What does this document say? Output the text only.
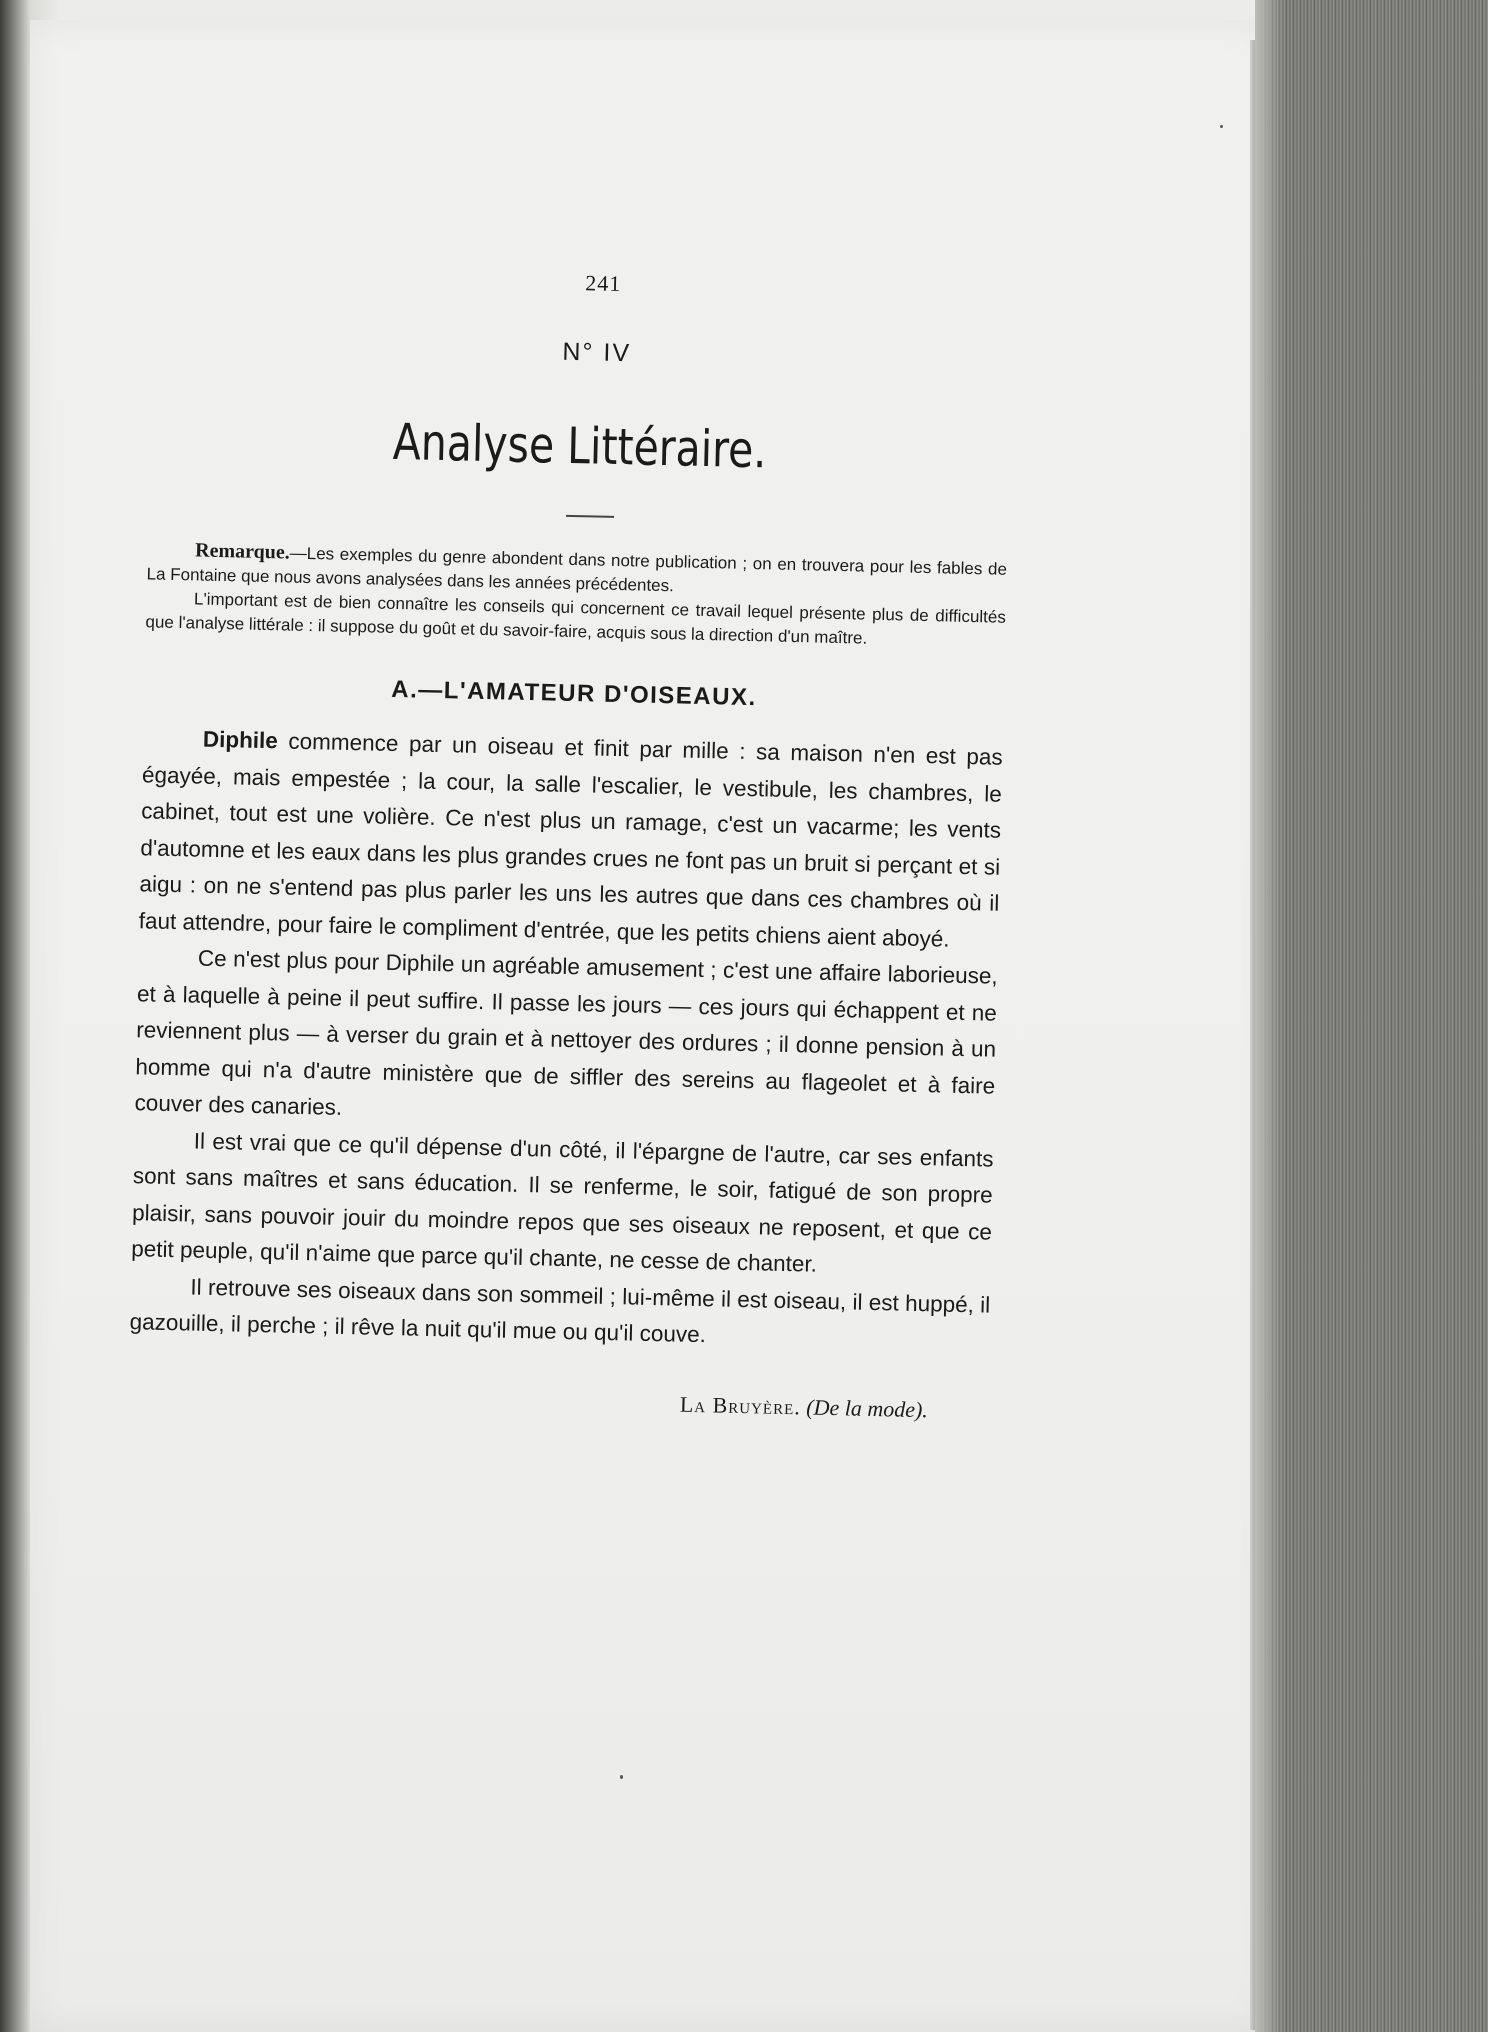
241
N° IV
Analyse Littéraire.

Remarque.—Les exemples du genre abondent dans notre publication ; on en trouvera pour les fables de La Fontaine que nous avons analysées dans les années précédentes.

L'important est de bien connaître les conseils qui concernent ce travail lequel présente plus de difficultés que l'analyse littérale : il suppose du goût et du savoir-faire, acquis sous la direction d'un maître.

A.—L'AMATEUR D'OISEAUX.

Diphile commence par un oiseau et finit par mille : sa maison n'en est pas égayée, mais empestée ; la cour, la salle l'escalier, le vestibule, les chambres, le cabinet, tout est une volière. Ce n'est plus un ramage, c'est un vacarme; les vents d'automne et les eaux dans les plus grandes crues ne font pas un bruit si perçant et si aigu : on ne s'entend pas plus parler les uns les autres que dans ces chambres où il faut attendre, pour faire le compliment d'entrée, que les petits chiens aient aboyé.

Ce n'est plus pour Diphile un agréable amusement ; c'est une affaire laborieuse, et à laquelle à peine il peut suffire. Il passe les jours — ces jours qui échappent et ne reviennent plus — à verser du grain et à nettoyer des ordures ; il donne pension à un homme qui n'a d'autre ministère que de siffler des sereins au flageolet et à faire couver des canaries.

Il est vrai que ce qu'il dépense d'un côté, il l'épargne de l'autre, car ses enfants sont sans maîtres et sans éducation. Il se renferme, le soir, fatigué de son propre plaisir, sans pouvoir jouir du moindre repos que ses oiseaux ne reposent, et que ce petit peuple, qu'il n'aime que parce qu'il chante, ne cesse de chanter.

Il retrouve ses oiseaux dans son sommeil ; lui-même il est oiseau, il est huppé, il gazouille, il perche ; il rêve la nuit qu'il mue ou qu'il couve.

La Bruyère. (De la mode).
